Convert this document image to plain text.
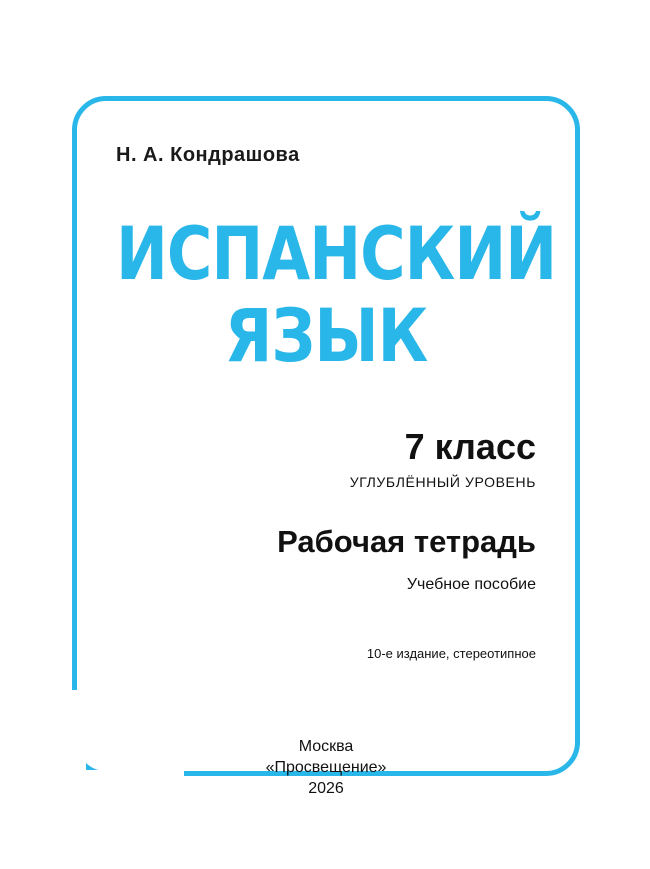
Н. А. Кондрашова
ИСПАНСКИЙ
ЯЗЫК
7 класс
УГЛУБЛЁННЫЙ УРОВЕНЬ
Рабочая тетрадь
Учебное пособие
10-е издание, стереотипное
Москва
«Просвещение»
2026
